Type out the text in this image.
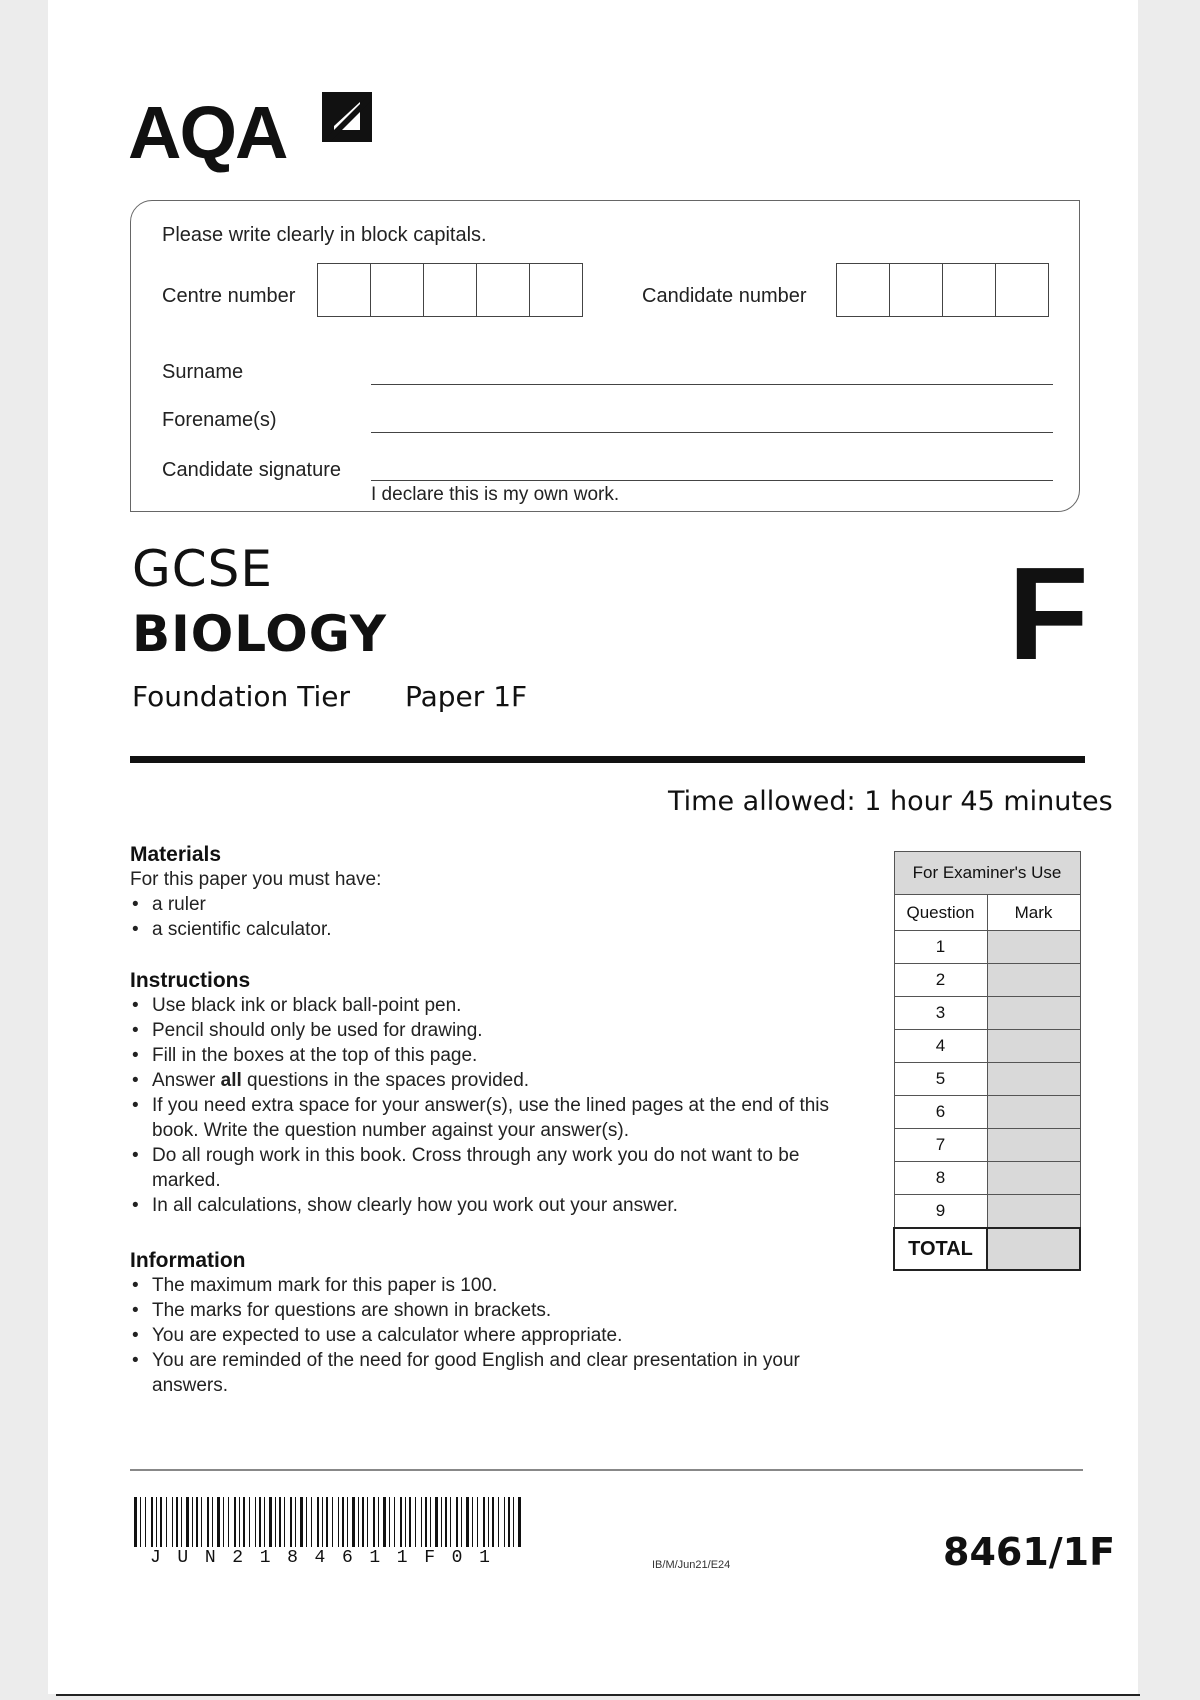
AQA
Please write clearly in block capitals.
Centre number	Candidate number
Surname
Forename(s)
Candidate signature
I declare this is my own work.
GCSE
BIOLOGY
Foundation Tier Paper 1F
F
Time allowed: 1 hour 45 minutes
Materials
For this paper you must have:
• a ruler
• a scientific calculator.
Instructions
• Use black ink or black ball-point pen.
• Pencil should only be used for drawing.
• Fill in the boxes at the top of this page.
• Answer all questions in the spaces provided.
• If you need extra space for your answer(s), use the lined pages at the end of this book. Write the question number against your answer(s).
• Do all rough work in this book. Cross through any work you do not want to be marked.
• In all calculations, show clearly how you work out your answer.
Information
• The maximum mark for this paper is 100.
• The marks for questions are shown in brackets.
• You are expected to use a calculator where appropriate.
• You are reminded of the need for good English and clear presentation in your answers.
For Examiner's Use	
Question	Mark
1	
2	
3	
4	
5	
6	
7	
8	
9	
TOTAL	
J U N 2 1 8 4 6 1 1 F 0 1	IB/M/Jun21/E24	8461/1F
